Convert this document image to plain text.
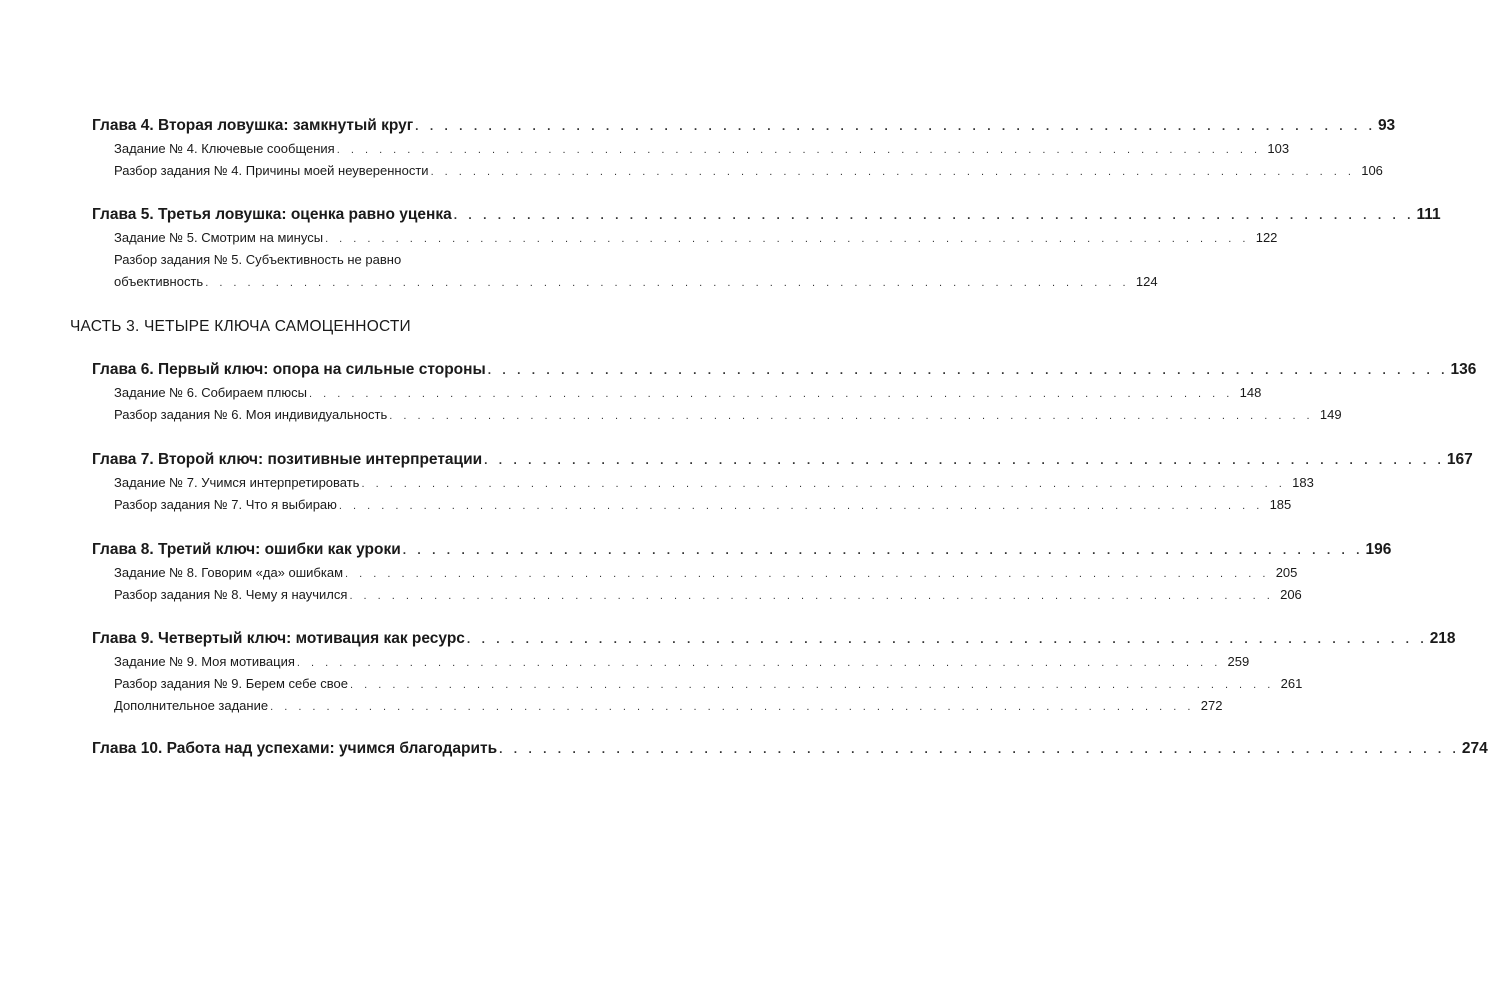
Глава 4. Вторая ловушка: замкнутый круг . . . . . . . . . . . . . . . . . . . . . . . . . . . . . . . . . . . . . . . . . . . . . . . . . . . . . . . . . . . . . . . . . . 93
Задание № 4. Ключевые сообщения . . . . . . . . . . . . . . . . . . . . . . . . . . . . . . . . . . . . . . . . . . . . . . . . . . . . . . . . . . . . . . . . . . 103
Разбор задания № 4. Причины моей неуверенности . . . . . . . . . . . . . . . . . . . . . . . . . . . . . . . . . . . . . . . . . . . . . . . . . . . . . . . . . . . . . . . . . . 106
Глава 5. Третья ловушка: оценка равно уценка . . . . . . . . . . . . . . . . . . . . . . . . . . . . . . . . . . . . . . . . . . . . . . . . . . . . . . . . . . . . . . . . . . 111
Задание № 5. Смотрим на минусы . . . . . . . . . . . . . . . . . . . . . . . . . . . . . . . . . . . . . . . . . . . . . . . . . . . . . . . . . . . . . . . . . . 122
Разбор задания № 5. Субъективность не равно
объективность . . . . . . . . . . . . . . . . . . . . . . . . . . . . . . . . . . . . . . . . . . . . . . . . . . . . . . . . . . . . . . . . . . 124
ЧАСТЬ 3. ЧЕТЫРЕ КЛЮЧА САМОЦЕННОСТИ
Глава 6. Первый ключ: опора на сильные стороны . . . . . . . . . . . . . . . . . . . . . . . . . . . . . . . . . . . . . . . . . . . . . . . . . . . . . . . . . . . . . . . . . . 136
Задание № 6. Собираем плюсы . . . . . . . . . . . . . . . . . . . . . . . . . . . . . . . . . . . . . . . . . . . . . . . . . . . . . . . . . . . . . . . . . . 148
Разбор задания № 6. Моя индивидуальность . . . . . . . . . . . . . . . . . . . . . . . . . . . . . . . . . . . . . . . . . . . . . . . . . . . . . . . . . . . . . . . . . . 149
Глава 7. Второй ключ: позитивные интерпретации . . . . . . . . . . . . . . . . . . . . . . . . . . . . . . . . . . . . . . . . . . . . . . . . . . . . . . . . . . . . . . . . . . 167
Задание № 7. Учимся интерпретировать . . . . . . . . . . . . . . . . . . . . . . . . . . . . . . . . . . . . . . . . . . . . . . . . . . . . . . . . . . . . . . . . . . 183
Разбор задания № 7. Что я выбираю . . . . . . . . . . . . . . . . . . . . . . . . . . . . . . . . . . . . . . . . . . . . . . . . . . . . . . . . . . . . . . . . . . 185
Глава 8. Третий ключ: ошибки как уроки . . . . . . . . . . . . . . . . . . . . . . . . . . . . . . . . . . . . . . . . . . . . . . . . . . . . . . . . . . . . . . . . . . 196
Задание № 8. Говорим «да» ошибкам . . . . . . . . . . . . . . . . . . . . . . . . . . . . . . . . . . . . . . . . . . . . . . . . . . . . . . . . . . . . . . . . . . 205
Разбор задания № 8. Чему я научился . . . . . . . . . . . . . . . . . . . . . . . . . . . . . . . . . . . . . . . . . . . . . . . . . . . . . . . . . . . . . . . . . . 206
Глава 9. Четвертый ключ: мотивация как ресурс . . . . . . . . . . . . . . . . . . . . . . . . . . . . . . . . . . . . . . . . . . . . . . . . . . . . . . . . . . . . . . . . . . 218
Задание № 9. Моя мотивация . . . . . . . . . . . . . . . . . . . . . . . . . . . . . . . . . . . . . . . . . . . . . . . . . . . . . . . . . . . . . . . . . . 259
Разбор задания № 9. Берем себе свое . . . . . . . . . . . . . . . . . . . . . . . . . . . . . . . . . . . . . . . . . . . . . . . . . . . . . . . . . . . . . . . . . . 261
Дополнительное задание . . . . . . . . . . . . . . . . . . . . . . . . . . . . . . . . . . . . . . . . . . . . . . . . . . . . . . . . . . . . . . . . . . 272
Глава 10. Работа над успехами: учимся благодарить . . . . . . . . . . . . . . . . . . . . . . . . . . . . . . . . . . . . . . . . . . . . . . . . . . . . . . . . . . . . . . . . . . 274
